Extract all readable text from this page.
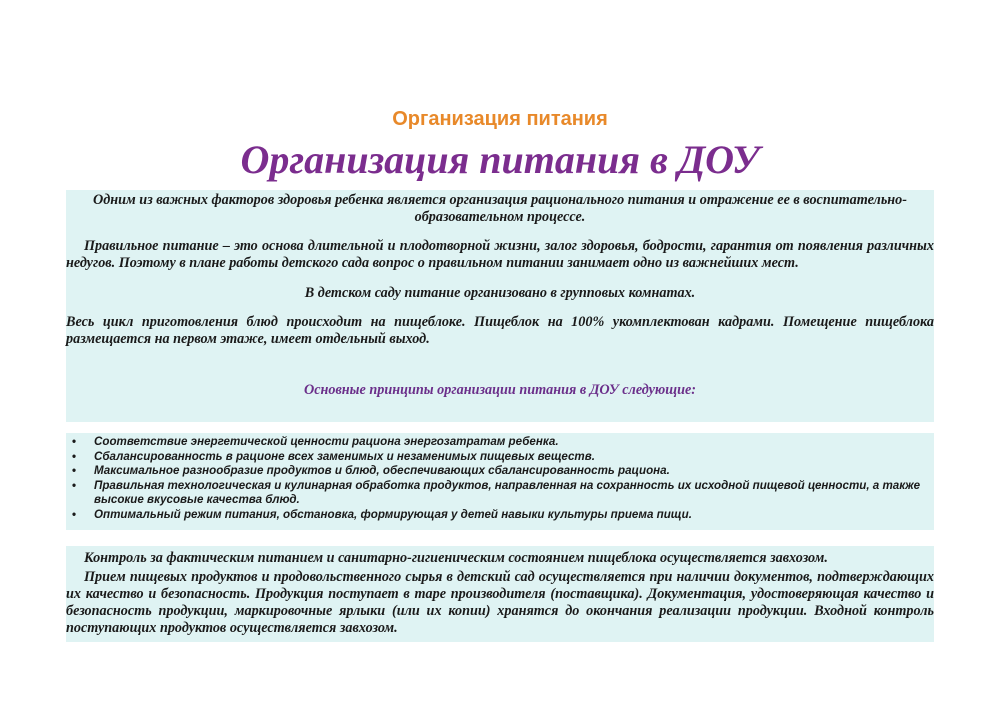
Организация питания
Организация питания в ДОУ

Одним из важных факторов здоровья ребенка является организация рационального питания и отражение ее в воспитательно-образовательном процессе.

Правильное питание – это основа длительной и плодотворной жизни, залог здоровья, бодрости, гарантия от появления различных недугов. Поэтому в плане работы детского сада вопрос о правильном питании занимает одно из важнейших мест.

В детском саду питание организовано в групповых комнатах.

Весь цикл приготовления блюд происходит на пищеблоке. Пищеблок на 100% укомплектован кадрами. Помещение пищеблока размещается на первом этаже, имеет отдельный выход.

Основные принципы организации питания в ДОУ следующие:

• Соответствие энергетической ценности рациона энергозатратам ребенка.
• Сбалансированность в рационе всех заменимых и незаменимых пищевых веществ.
• Максимальное разнообразие продуктов и блюд, обеспечивающих сбалансированность рациона.
• Правильная технологическая и кулинарная обработка продуктов, направленная на сохранность их исходной пищевой ценности, а также высокие вкусовые качества блюд.
• Оптимальный режим питания, обстановка, формирующая у детей навыки культуры приема пищи.

Контроль за фактическим питанием и санитарно-гигиеническим состоянием пищеблока осуществляется завхозом.

Прием пищевых продуктов и продовольственного сырья в детский сад осуществляется при наличии документов, подтверждающих их качество и безопасность. Продукция поступает в таре производителя (поставщика). Документация, удостоверяющая качество и безопасность продукции, маркировочные ярлыки (или их копии) хранятся до окончания реализации продукции. Входной контроль поступающих продуктов осуществляется завхозом.
